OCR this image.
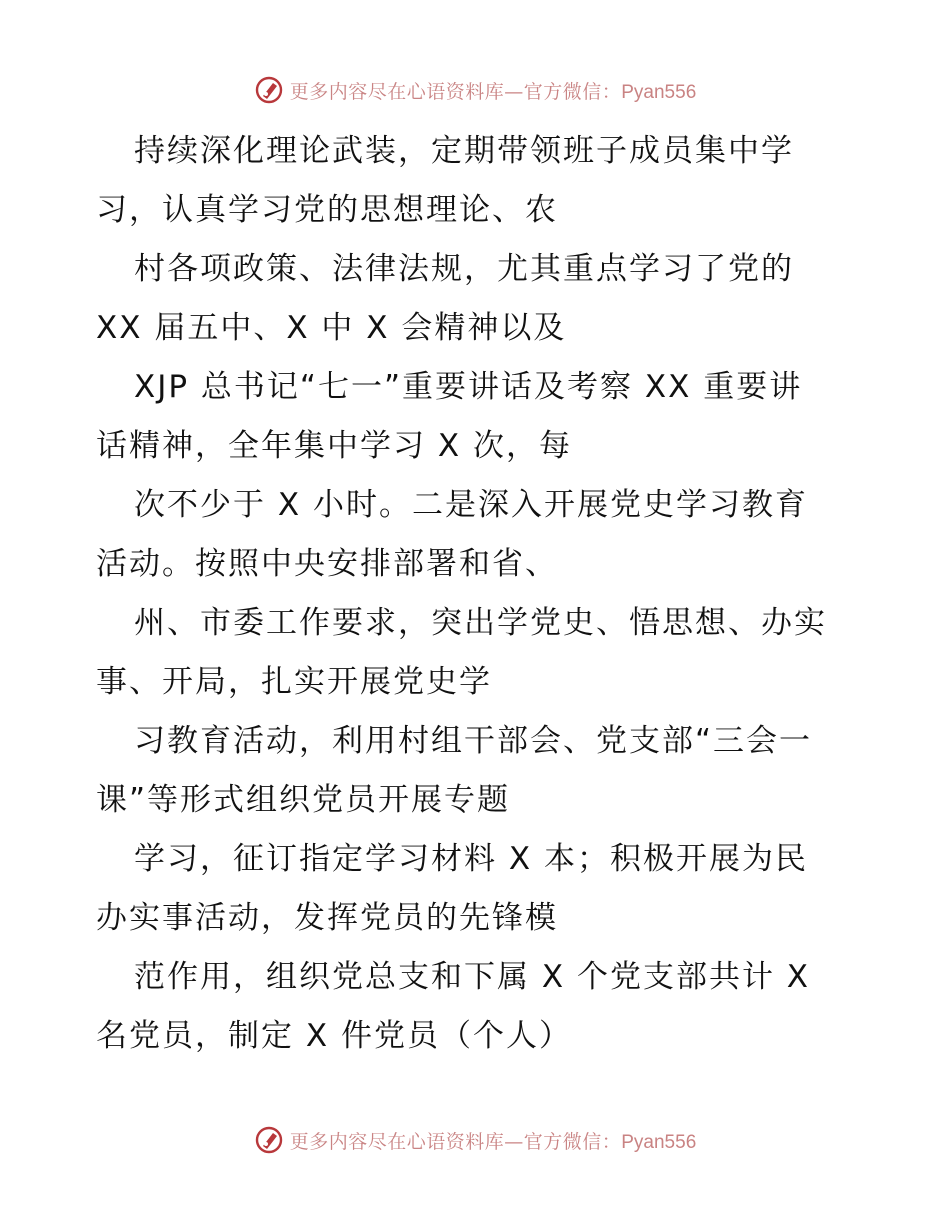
更多内容尽在心语资料库—官方微信：Pyan556
持续深化理论武装，定期带领班子成员集中学
习，认真学习党的思想理论、农
村各项政策、法律法规，尤其重点学习了党的
XX 届五中、X 中 X 会精神以及
XJP 总书记“七一”重要讲话及考察 XX 重要讲
话精神，全年集中学习 X 次，每
次不少于 X 小时。二是深入开展党史学习教育
活动。按照中央安排部署和省、
州、市委工作要求，突出学党史、悟思想、办实
事、开局，扎实开展党史学
习教育活动，利用村组干部会、党支部“三会一
课”等形式组织党员开展专题
学习，征订指定学习材料 X 本；积极开展为民
办实事活动，发挥党员的先锋模
范作用，组织党总支和下属 X 个党支部共计 X
名党员，制定 X 件党员（个人）
更多内容尽在心语资料库—官方微信：Pyan556
